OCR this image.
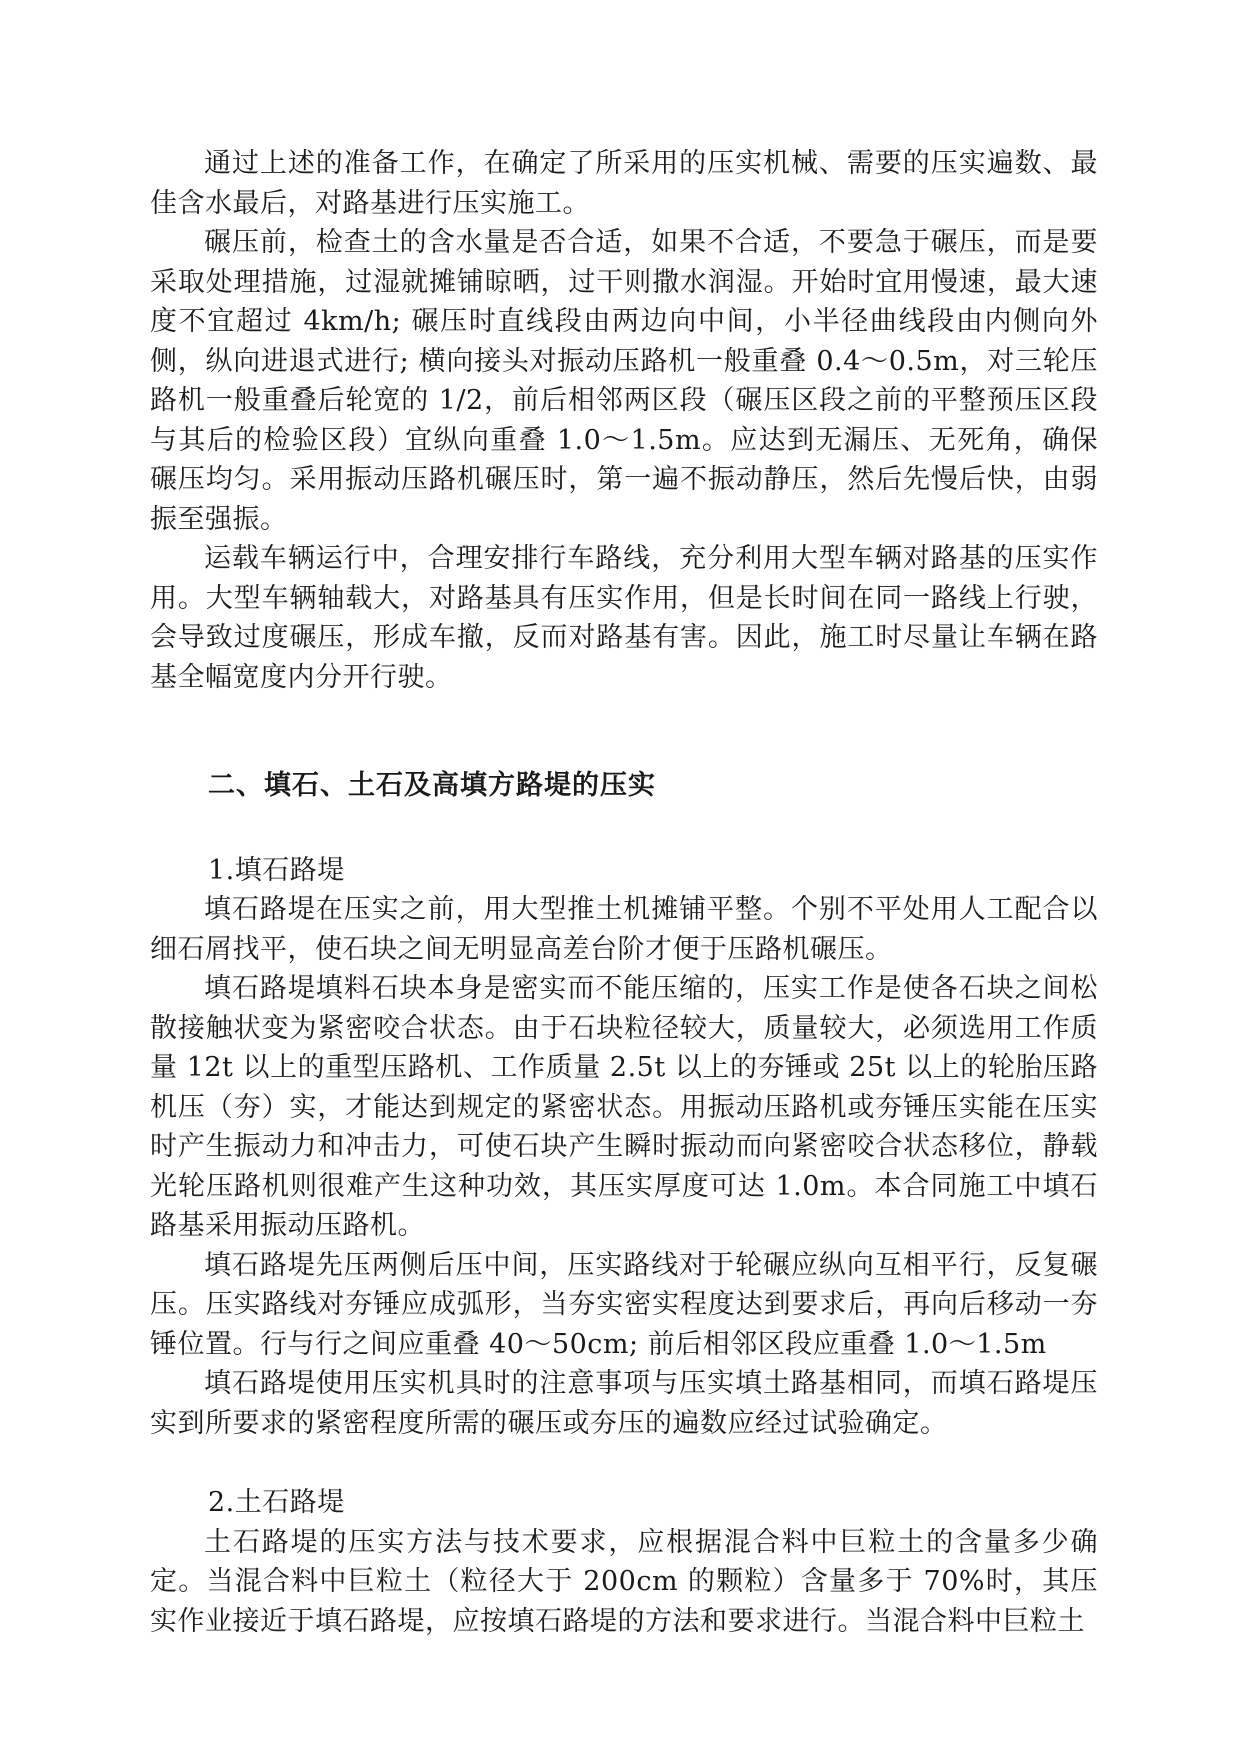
通过上述的准备工作，在确定了所采用的压实机械、需要的压实遍数、最佳含水最后，对路基进行压实施工。

碾压前，检查土的含水量是否合适，如果不合适，不要急于碾压，而是要采取处理措施，过湿就摊铺晾晒，过干则撒水润湿。开始时宜用慢速，最大速度不宜超过 4km/h; 碾压时直线段由两边向中间，小半径曲线段由内侧向外侧，纵向进退式进行; 横向接头对振动压路机一般重叠 0.4～0.5m，对三轮压路机一般重叠后轮宽的 1/2，前后相邻两区段（碾压区段之前的平整预压区段与其后的检验区段）宜纵向重叠 1.0～1.5m。应达到无漏压、无死角，确保碾压均匀。采用振动压路机碾压时，第一遍不振动静压，然后先慢后快，由弱振至强振。

运载车辆运行中，合理安排行车路线，充分利用大型车辆对路基的压实作用。大型车辆轴载大，对路基具有压实作用，但是长时间在同一路线上行驶，会导致过度碾压，形成车撤，反而对路基有害。因此，施工时尽量让车辆在路基全幅宽度内分开行驶。

二、填石、土石及高填方路堤的压实

1.填石路堤

填石路堤在压实之前，用大型推土机摊铺平整。个别不平处用人工配合以细石屑找平，使石块之间无明显高差台阶才便于压路机碾压。

填石路堤填料石块本身是密实而不能压缩的，压实工作是使各石块之间松散接触状变为紧密咬合状态。由于石块粒径较大，质量较大，必须选用工作质量 12t 以上的重型压路机、工作质量 2.5t 以上的夯锤或 25t 以上的轮胎压路机压（夯）实，才能达到规定的紧密状态。用振动压路机或夯锤压实能在压实时产生振动力和冲击力，可使石块产生瞬时振动而向紧密咬合状态移位，静载光轮压路机则很难产生这种功效，其压实厚度可达 1.0m。本合同施工中填石路基采用振动压路机。

填石路堤先压两侧后压中间，压实路线对于轮碾应纵向互相平行，反复碾压。压实路线对夯锤应成弧形，当夯实密实程度达到要求后，再向后移动一夯锤位置。行与行之间应重叠 40～50cm; 前后相邻区段应重叠 1.0～1.5m

填石路堤使用压实机具时的注意事项与压实填土路基相同，而填石路堤压实到所要求的紧密程度所需的碾压或夯压的遍数应经过试验确定。

2.土石路堤

土石路堤的压实方法与技术要求，应根据混合料中巨粒土的含量多少确定。当混合料中巨粒土（粒径大于 200cm 的颗粒）含量多于 70%时，其压实作业接近于填石路堤，应按填石路堤的方法和要求进行。当混合料中巨粒土
